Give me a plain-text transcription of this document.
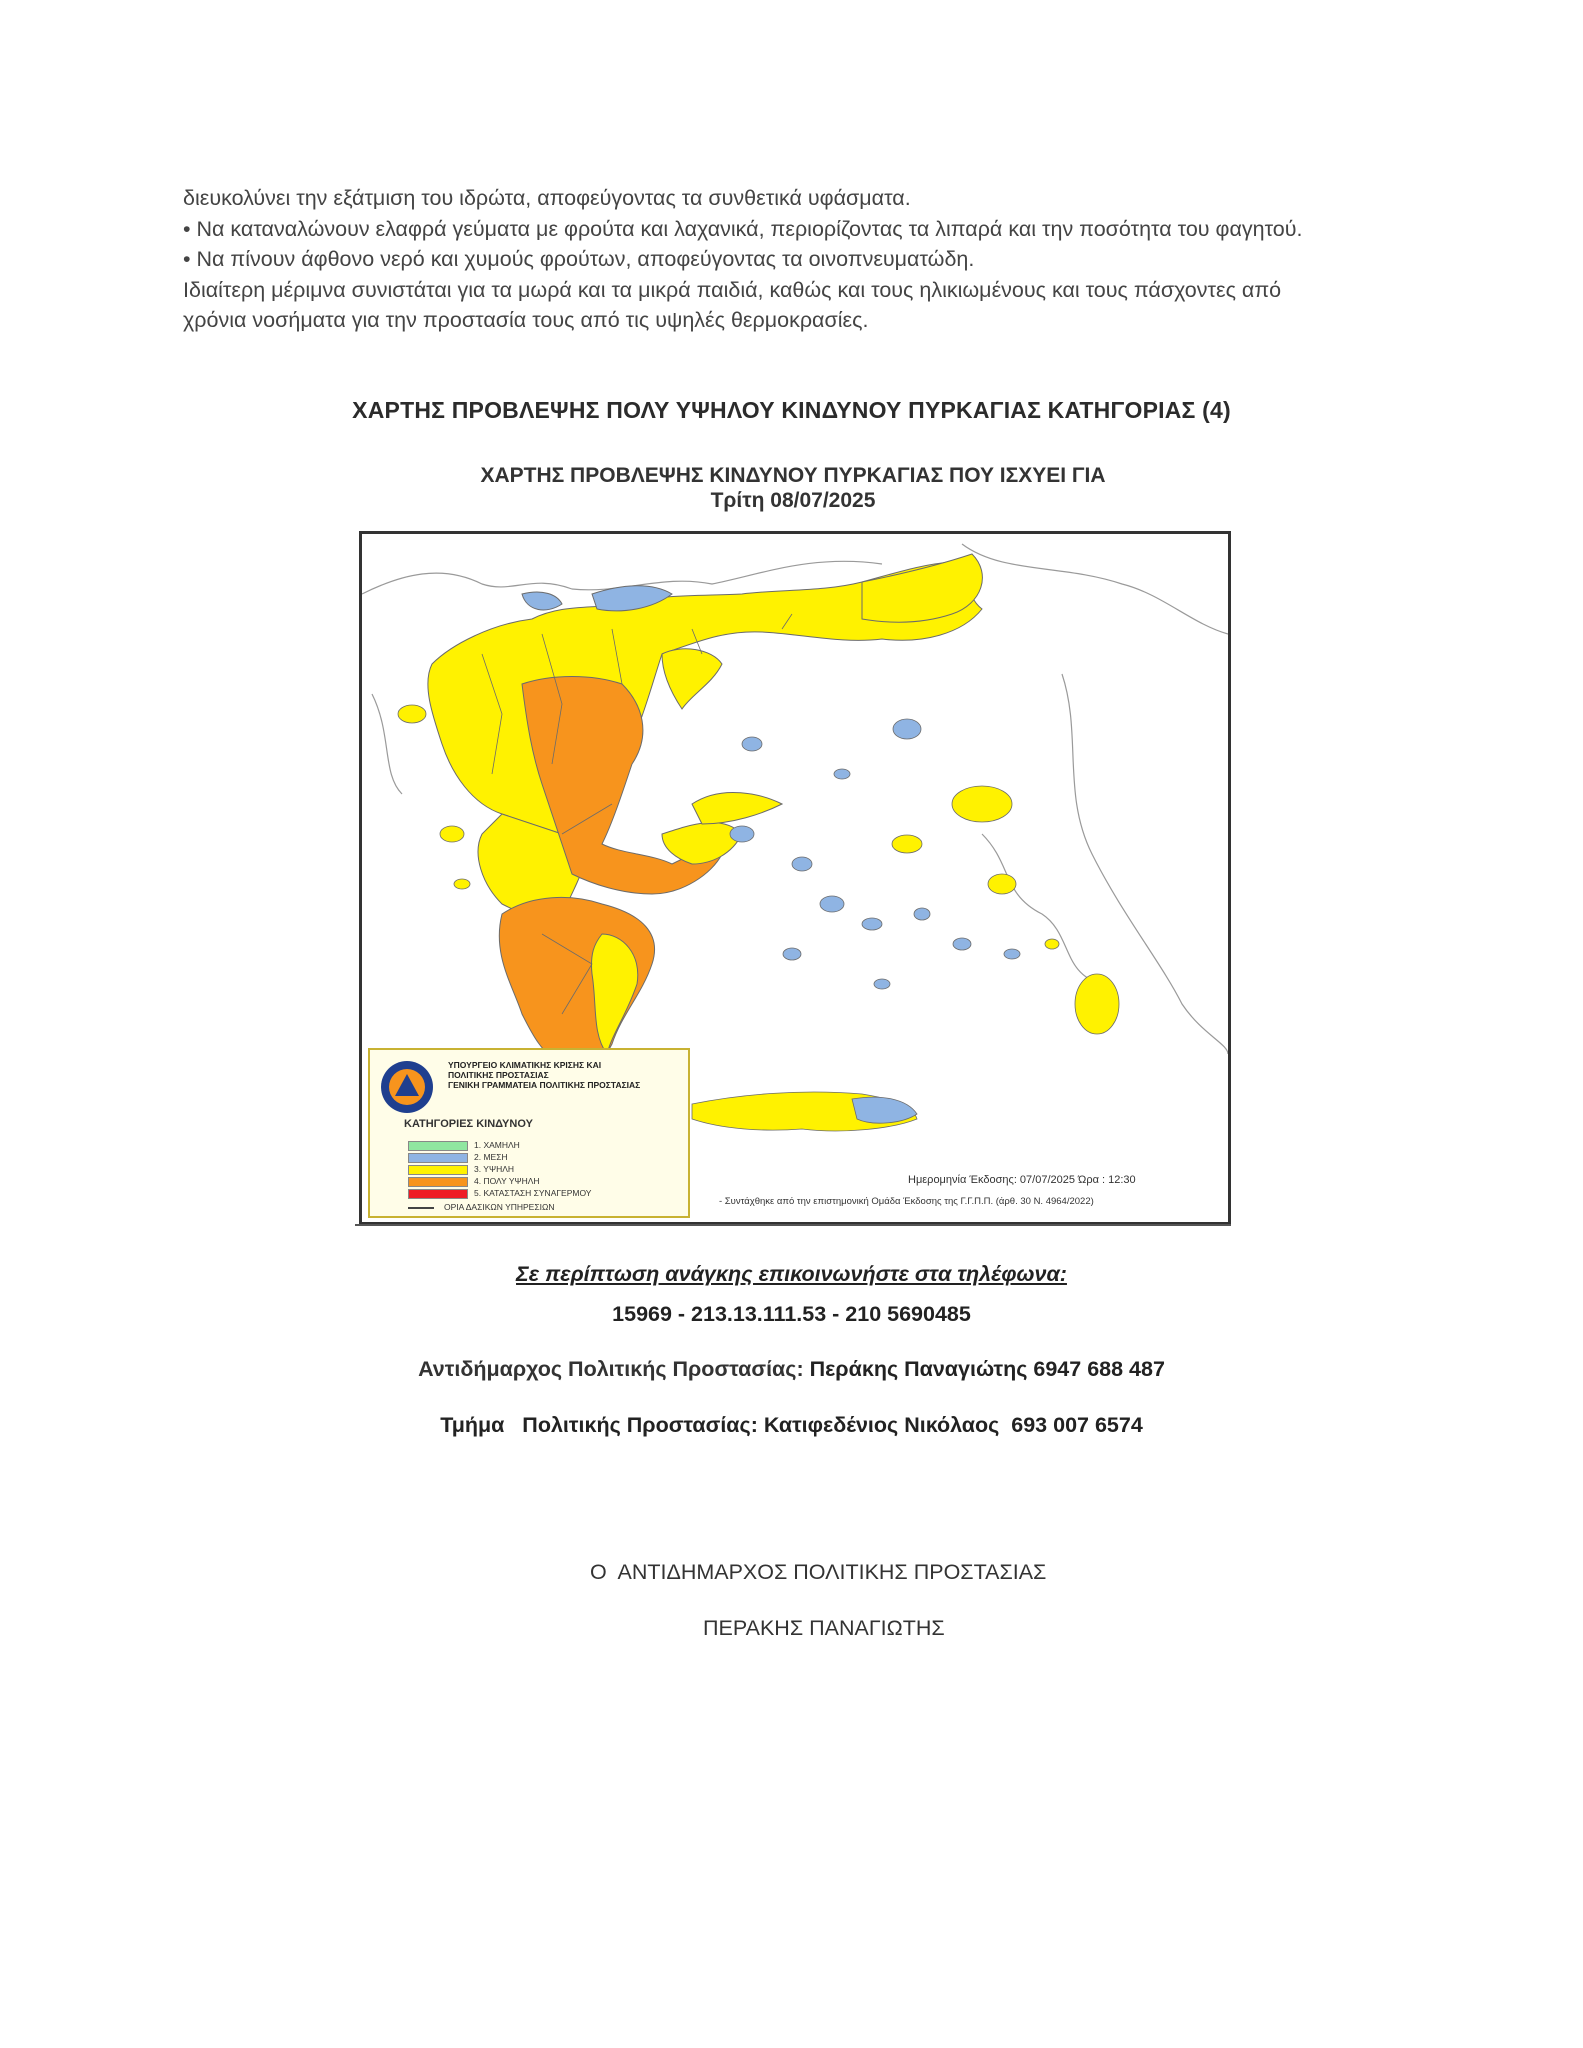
διευκολύνει την εξάτμιση του ιδρώτα, αποφεύγοντας τα συνθετικά υφάσματα.

• Να καταναλώνουν ελαφρά γεύματα με φρούτα και λαχανικά, περιορίζοντας τα λιπαρά και την ποσότητα του φαγητού.

• Να πίνουν άφθονο νερό και χυμούς φρούτων, αποφεύγοντας τα οινοπνευματώδη.

Ιδιαίτερη μέριμνα συνιστάται για τα μωρά και τα μικρά παιδιά, καθώς και τους ηλικιωμένους και τους πάσχοντες από χρόνια νοσήματα για την προστασία τους από τις υψηλές θερμοκρασίες.

ΧΑΡΤΗΣ ΠΡΟΒΛΕΨΗΣ ΠΟΛΥ ΥΨΗΛΟΥ ΚΙΝΔΥΝΟΥ ΠΥΡΚΑΓΙΑΣ ΚΑΤΗΓΟΡΙΑΣ (4)
ΧΑΡΤΗΣ ΠΡΟΒΛΕΨΗΣ ΚΙΝΔΥΝΟΥ ΠΥΡΚΑΓΙΑΣ ΠΟΥ ΙΣΧΥΕΙ ΓΙΑ
Τρίτη 08/07/2025
ΥΠΟΥΡΓΕΙΟ ΚΛΙΜΑΤΙΚΗΣ ΚΡΙΣΗΣ ΚΑΙ
ΠΟΛΙΤΙΚΗΣ ΠΡΟΣΤΑΣΙΑΣ
ΓΕΝΙΚΗ ΓΡΑΜΜΑΤΕΙΑ ΠΟΛΙΤΙΚΗΣ ΠΡΟΣΤΑΣΙΑΣ
ΚΑΤΗΓΟΡΙΕΣ ΚΙΝΔΥΝΟΥ
1. ΧΑΜΗΛΗ
2. ΜΕΣΗ
3. ΥΨΗΛΗ
4. ΠΟΛΥ ΥΨΗΛΗ
5. ΚΑΤΑΣΤΑΣΗ ΣΥΝΑΓΕΡΜΟΥ
ΟΡΙΑ ΔΑΣΙΚΩΝ ΥΠΗΡΕΣΙΩΝ
Ημερομηνία Έκδοσης: 07/07/2025 Ώρα : 12:30
- Συντάχθηκε από την επιστημονική Ομάδα Έκδοσης της Γ.Γ.Π.Π. (άρθ. 30 Ν. 4964/2022)
Σε περίπτωση ανάγκης επικοινωνήστε στα τηλέφωνα:
15969 - 213.13.111.53 - 210 5690485
Αντιδήμαρχος Πολιτικής Προστασίας: Περάκης Παναγιώτης 6947 688 487
Τμήμα   Πολιτικής Προστασίας: Κατιφεδένιος Νικόλαος  693 007 6574
Ο  ΑΝΤΙΔΗΜΑΡΧΟΣ ΠΟΛΙΤΙΚΗΣ ΠΡΟΣΤΑΣΙΑΣ
ΠΕΡΑΚΗΣ ΠΑΝΑΓΙΩΤΗΣ
